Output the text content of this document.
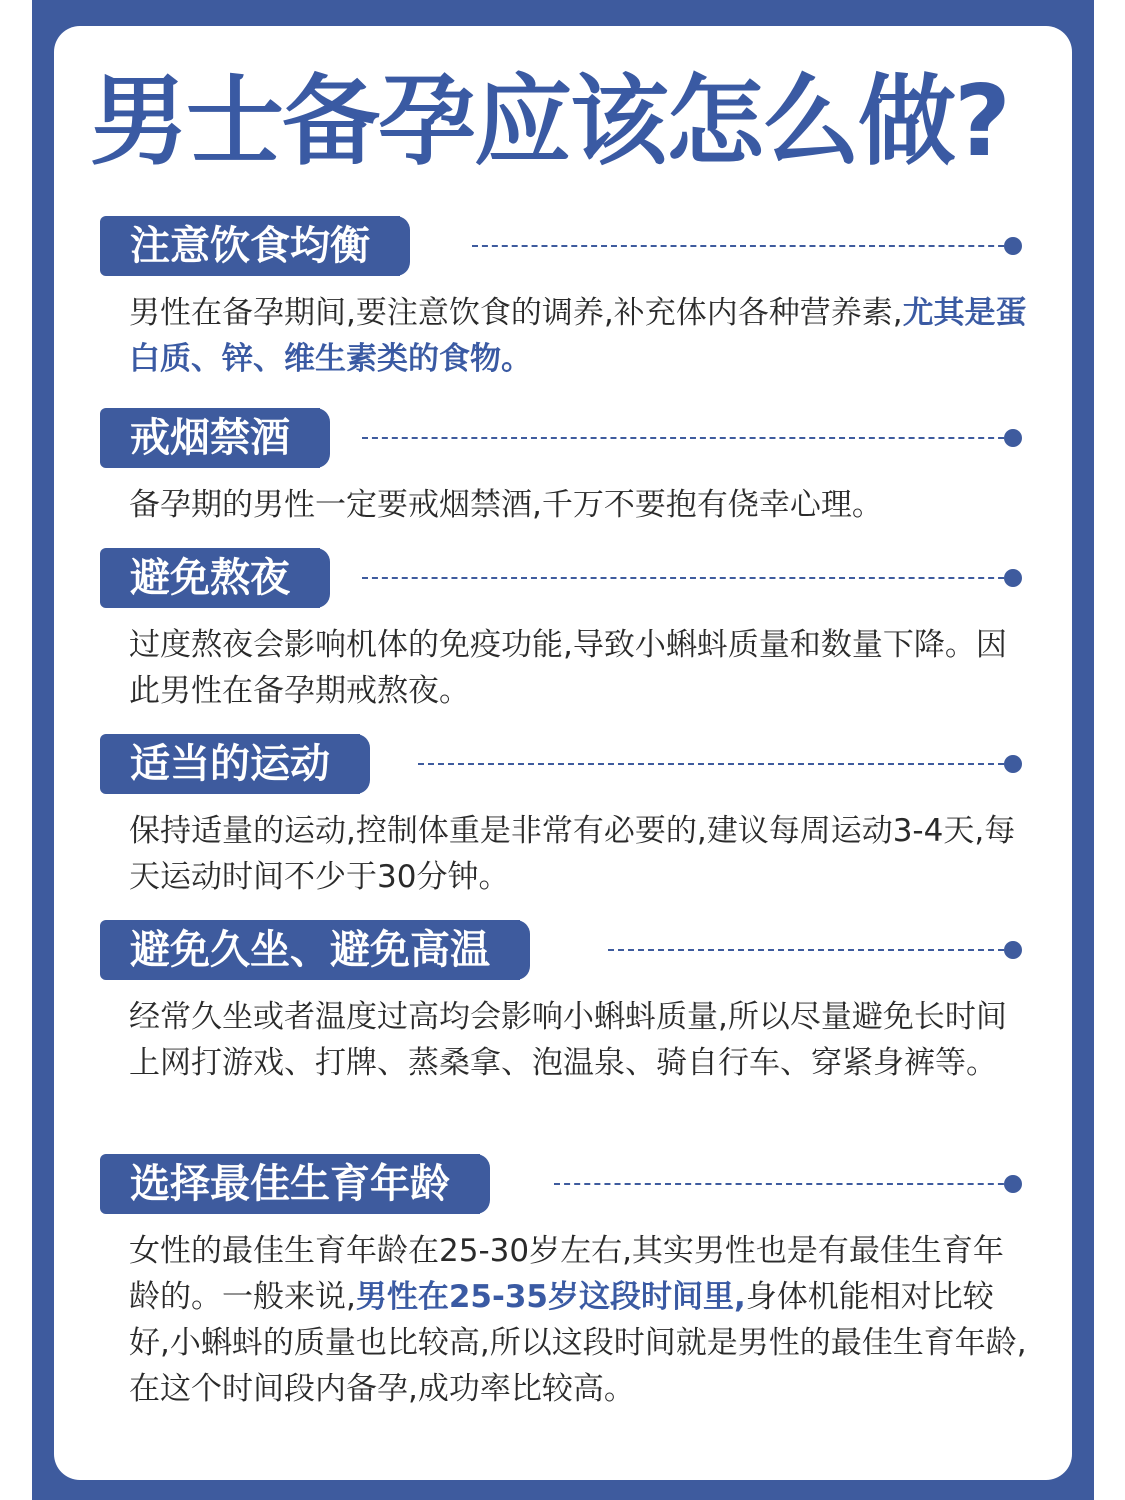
男士备孕应该怎么做?
注意饮食均衡
男性在备孕期间,要注意饮食的调养,补充体内各种营养素,尤其是蛋白质、锌、维生素类的食物。
戒烟禁酒
备孕期的男性一定要戒烟禁酒,千万不要抱有侥幸心理。
避免熬夜
过度熬夜会影响机体的免疫功能,导致小蝌蚪质量和数量下降。因此男性在备孕期戒熬夜。
适当的运动
保持适量的运动,控制体重是非常有必要的,建议每周运动3-4天,每天运动时间不少于30分钟。
避免久坐、避免高温
经常久坐或者温度过高均会影响小蝌蚪质量,所以尽量避免长时间上网打游戏、打牌、蒸桑拿、泡温泉、骑自行车、穿紧身裤等。
选择最佳生育年龄
女性的最佳生育年龄在25-30岁左右,其实男性也是有最佳生育年龄的。一般来说,男性在25-35岁这段时间里,身体机能相对比较好,小蝌蚪的质量也比较高,所以这段时间就是男性的最佳生育年龄,在这个时间段内备孕,成功率比较高。
